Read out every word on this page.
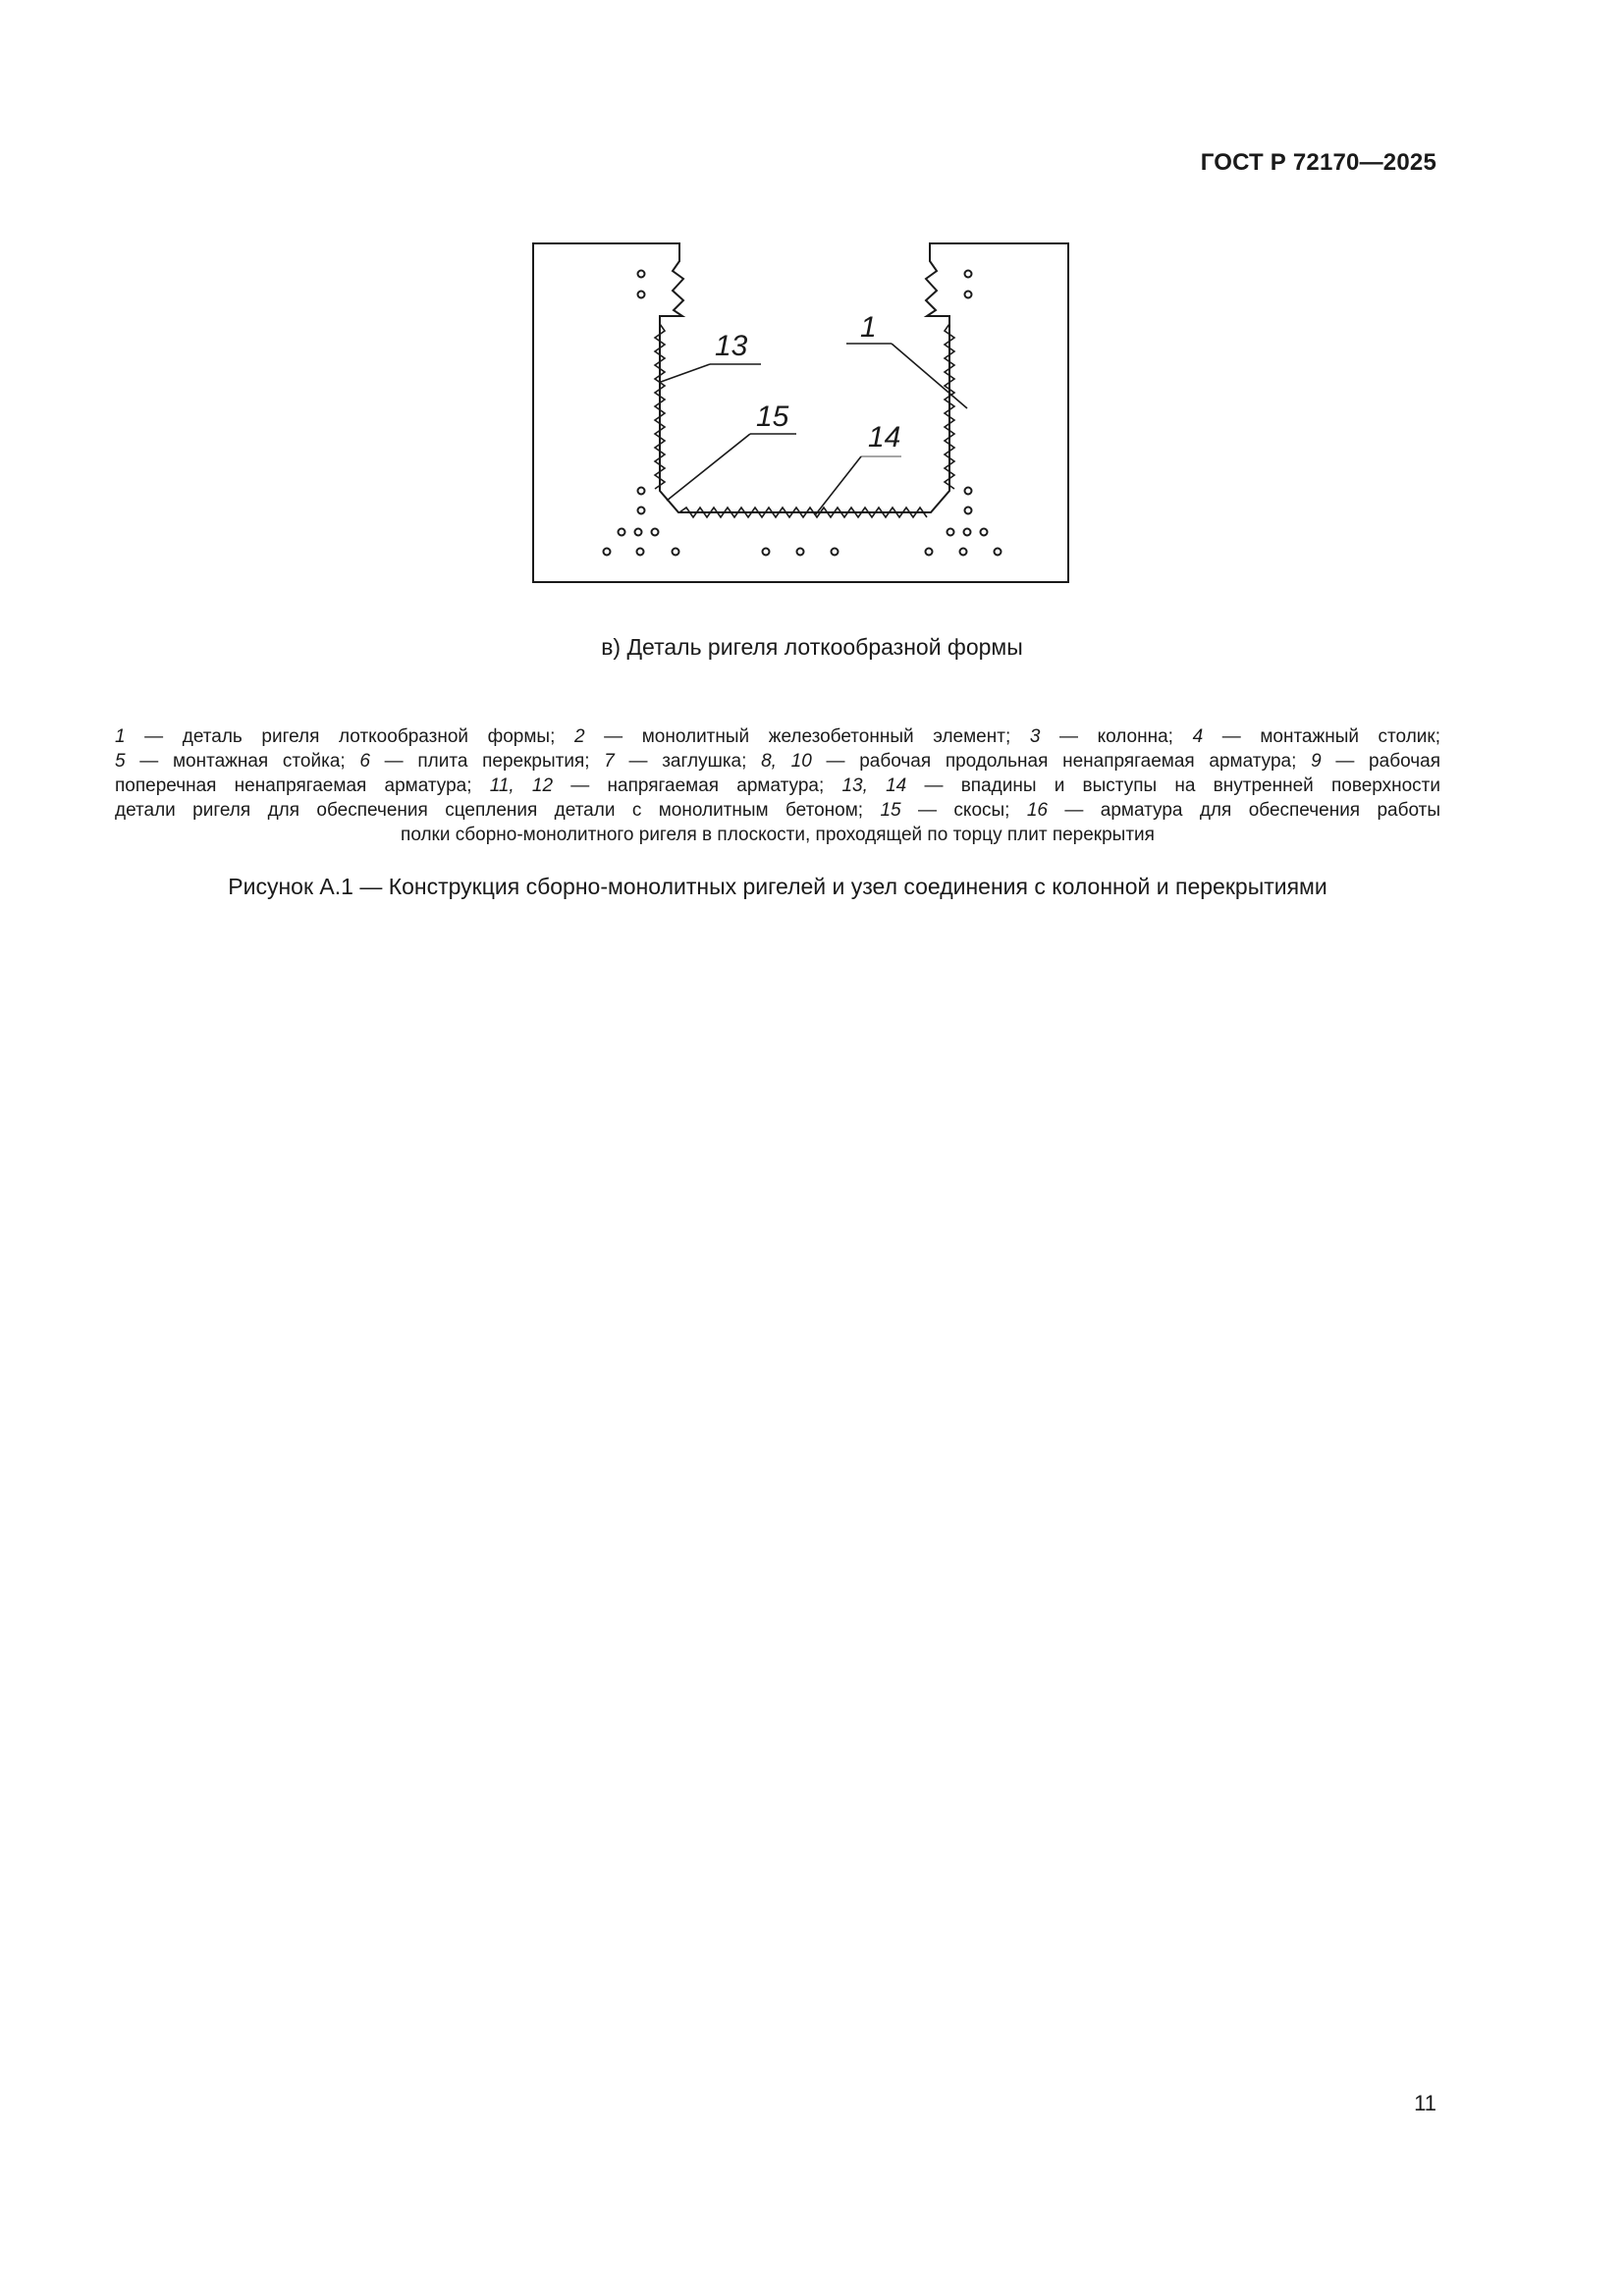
ГОСТ Р 72170—2025
13
1
15
14
в) Деталь ригеля лоткообразной формы
1 — деталь ригеля лоткообразной формы; 2 — монолитный железобетонный элемент; 3 — колонна; 4 — монтажный столик;
5 — монтажная стойка; 6 — плита перекрытия; 7 — заглушка; 8, 10 — рабочая продольная ненапрягаемая арматура; 9 — рабочая
поперечная ненапрягаемая арматура; 11, 12 — напрягаемая арматура; 13, 14 — впадины и выступы на внутренней поверхности
детали ригеля для обеспечения сцепления детали с монолитным бетоном; 15 — скосы; 16 — арматура для обеспечения работы
полки сборно-монолитного ригеля в плоскости, проходящей по торцу плит перекрытия
Рисунок А.1 — Конструкция сборно-монолитных ригелей и узел соединения с колонной и перекрытиями
11
